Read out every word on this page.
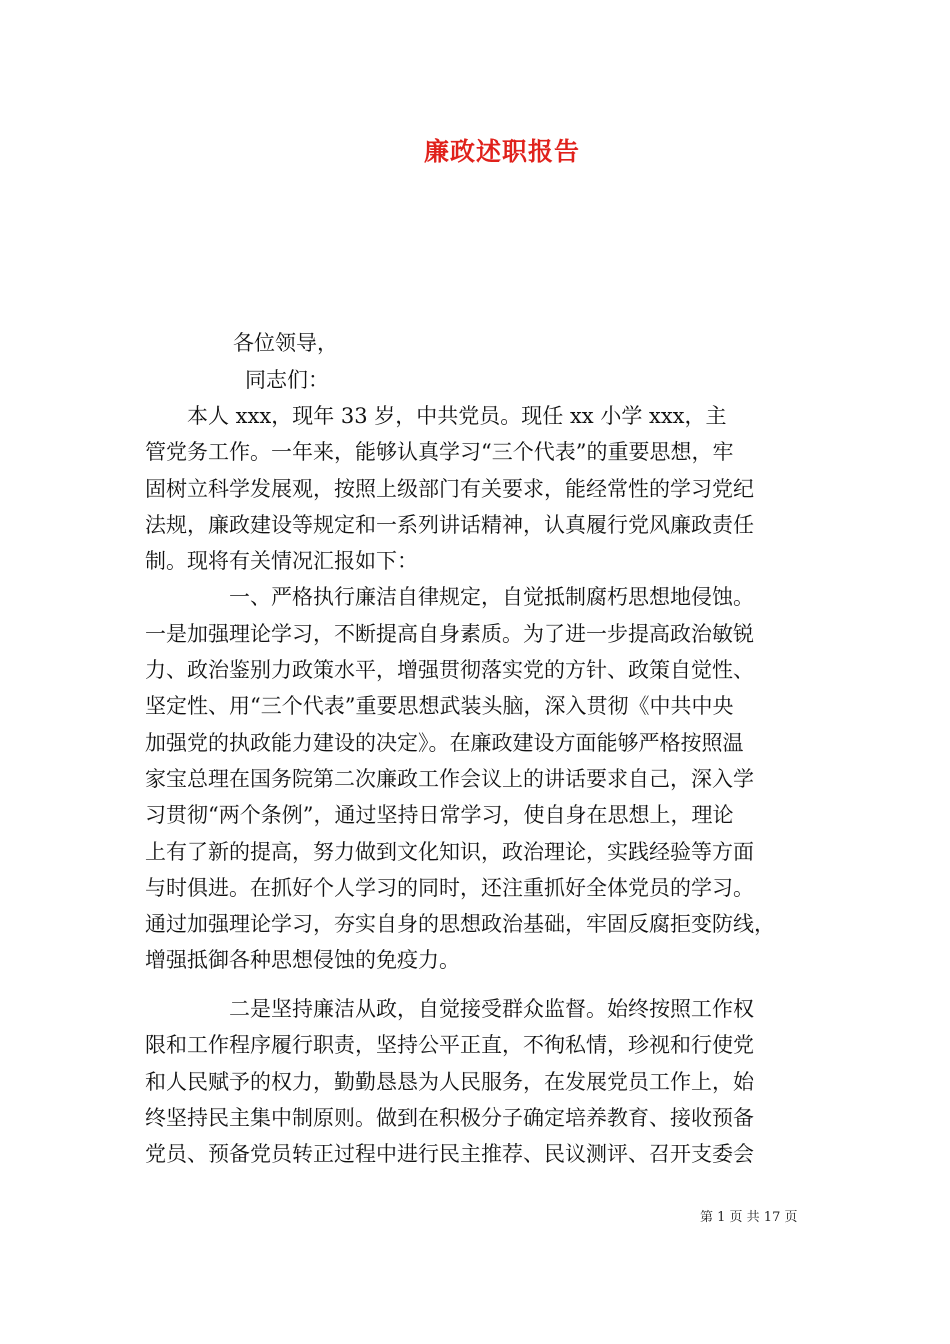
廉政述职报告
各位领导，
同志们：
　　本人 xxx，现年 33 岁，中共党员。现任 xx 小学 xxx，主
管党务工作。一年来，能够认真学习“三个代表”的重要思想，牢
固树立科学发展观，按照上级部门有关要求，能经常性的学习党纪
法规，廉政建设等规定和一系列讲话精神，认真履行党风廉政责任
制。现将有关情况汇报如下：
　　　　一、严格执行廉洁自律规定，自觉抵制腐朽思想地侵蚀。
一是加强理论学习，不断提高自身素质。为了进一步提高政治敏锐
力、政治鉴别力政策水平，增强贯彻落实党的方针、政策自觉性、
坚定性、用“三个代表”重要思想武装头脑，深入贯彻《中共中央
加强党的执政能力建设的决定》。在廉政建设方面能够严格按照温
家宝总理在国务院第二次廉政工作会议上的讲话要求自己，深入学
习贯彻“两个条例”，通过坚持日常学习，使自身在思想上，理论
上有了新的提高，努力做到文化知识，政治理论，实践经验等方面
与时俱进。在抓好个人学习的同时，还注重抓好全体党员的学习。
通过加强理论学习，夯实自身的思想政治基础，牢固反腐拒变防线，
增强抵御各种思想侵蚀的免疫力。
　　　　二是坚持廉洁从政，自觉接受群众监督。始终按照工作权
限和工作程序履行职责，坚持公平正直，不徇私情，珍视和行使党
和人民赋予的权力，勤勤恳恳为人民服务，在发展党员工作上，始
终坚持民主集中制原则。做到在积极分子确定培养教育、接收预备
党员、预备党员转正过程中进行民主推荐、民议测评、召开支委会
第 1 页 共 17 页
